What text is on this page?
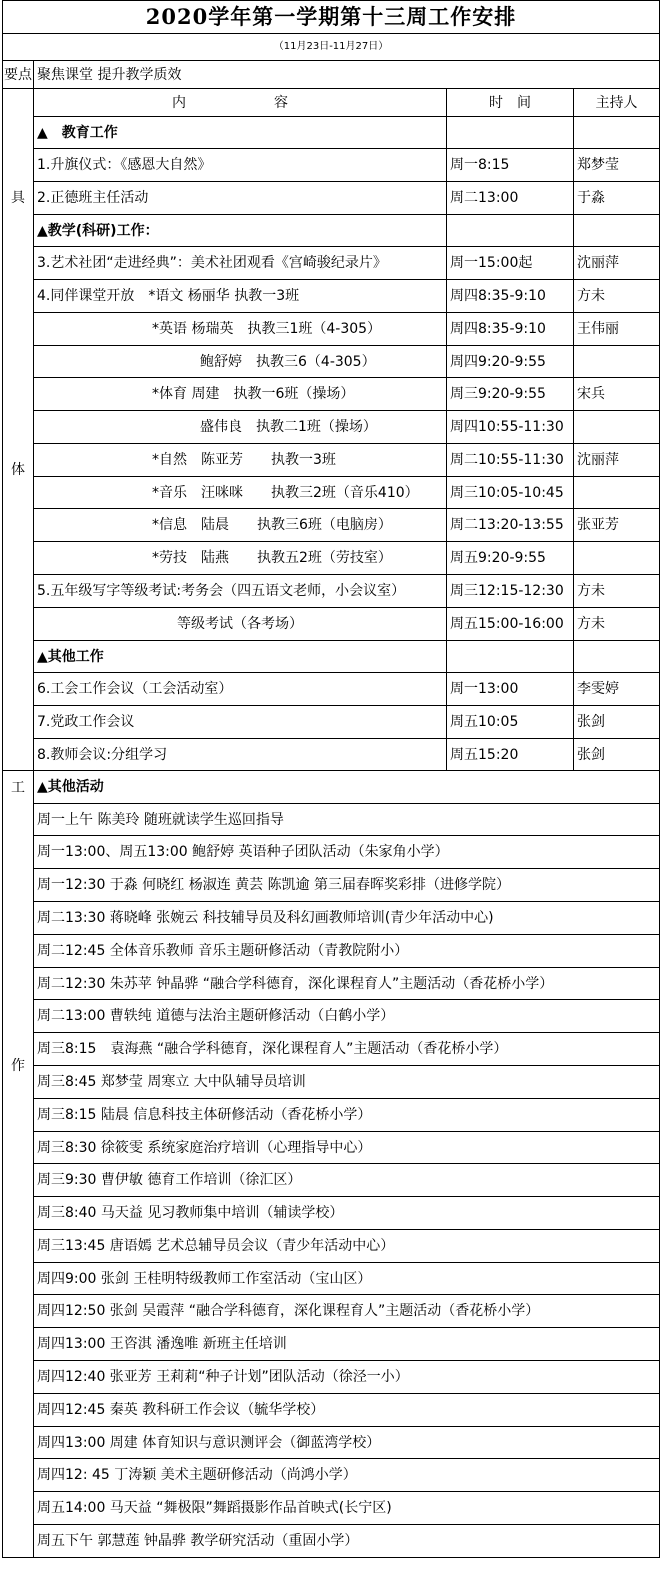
2020学年第一学期第十三周工作安排			
（11月23日-11月27日）			
要点	聚焦课堂 提升教学质效		
	内　　容	时　间	主持人

具
体	▲　教育工作		
	1.升旗仪式：《感恩大自然》	周一8:15	郑梦莹
	2.正德班主任活动	周二13:00	于淼
	▲教学(科研)工作：		
	3.艺术社团“走进经典”：美术社团观看《宫崎骏纪录片》	周一15:00起	沈丽萍
	4.同伴课堂开放　*语文 杨丽华 执教一3班	周四8:35-9:10	方未
	*英语 杨瑞英　执教三1班（4-305）	周四8:35-9:10	王伟丽
	鲍舒婷　执教三6（4-305）	周四9:20-9:55	
	*体育 周建　执教一6班（操场）	周三9:20-9:55	宋兵
	盛伟良　执教二1班（操场）	周四10:55-11:30	
	*自然　陈亚芳　　执教一3班	周二10:55-11:30	沈丽萍
	*音乐　汪咪咪　　执教三2班（音乐410）	周三10:05-10:45	
	*信息　陆晨　　执教三6班（电脑房）	周二13:20-13:55	张亚芳
	*劳技　陆燕　　执教五2班（劳技室）	周五9:20-9:55	
	5.五年级写字等级考试:考务会（四五语文老师，小会议室）	周三12:15-12:30	方未
	等级考试（各考场）	周五15:00-16:00	方未
	▲其他工作		
	6.工会工作会议（工会活动室）	周一13:00	李雯婷
	7.党政工作会议	周五10:05	张剑
	8.教师会议:分组学习	周五15:20	张剑

工
作	▲其他活动		
	周一上午 陈美玲 随班就读学生巡回指导		
	周一13:00、周五13:00 鲍舒婷 英语种子团队活动（朱家角小学）		
	周一12:30 于淼 何晓红 杨淑连 黄芸 陈凯逾 第三届春晖奖彩排（进修学院）		
	周二13:30 蒋晓峰 张婉云 科技辅导员及科幻画教师培训(青少年活动中心)		
	周二12:45 全体音乐教师 音乐主题研修活动（青教院附小）		
	周二12:30 朱苏苹 钟晶骅 “融合学科德育，深化课程育人”主题活动（香花桥小学）		
	周二13:00 曹轶纯 道德与法治主题研修活动（白鹤小学）		
	周三8:15　袁海燕 “融合学科德育，深化课程育人”主题活动（香花桥小学）		
	周三8:45 郑梦莹 周寒立 大中队辅导员培训		
	周三8:15 陆晨 信息科技主体研修活动（香花桥小学）		
	周三8:30 徐筱雯 系统家庭治疗培训（心理指导中心）		
	周三9:30 曹伊敏 德育工作培训（徐汇区）		
	周三8:40 马天益 见习教师集中培训（辅读学校）		
	周三13:45 唐语嫣 艺术总辅导员会议（青少年活动中心）		
	周四9:00 张剑 王桂明特级教师工作室活动（宝山区）		
	周四12:50 张剑 吴霞萍 “融合学科德育，深化课程育人”主题活动（香花桥小学）		
	周四13:00 王咨淇 潘逸唯 新班主任培训		
	周四12:40 张亚芳 王莉莉“种子计划”团队活动（徐泾一小）		
	周四12:45 秦英 教科研工作会议（毓华学校）		
	周四13:00 周建 体育知识与意识测评会（御蓝湾学校）		
	周四12: 45 丁涛颖 美术主题研修活动（尚鸿小学）		
	周五14:00 马天益 “舞极限”舞蹈摄影作品首映式(长宁区)		
	周五下午 郭慧莲 钟晶骅 教学研究活动（重固小学）		
